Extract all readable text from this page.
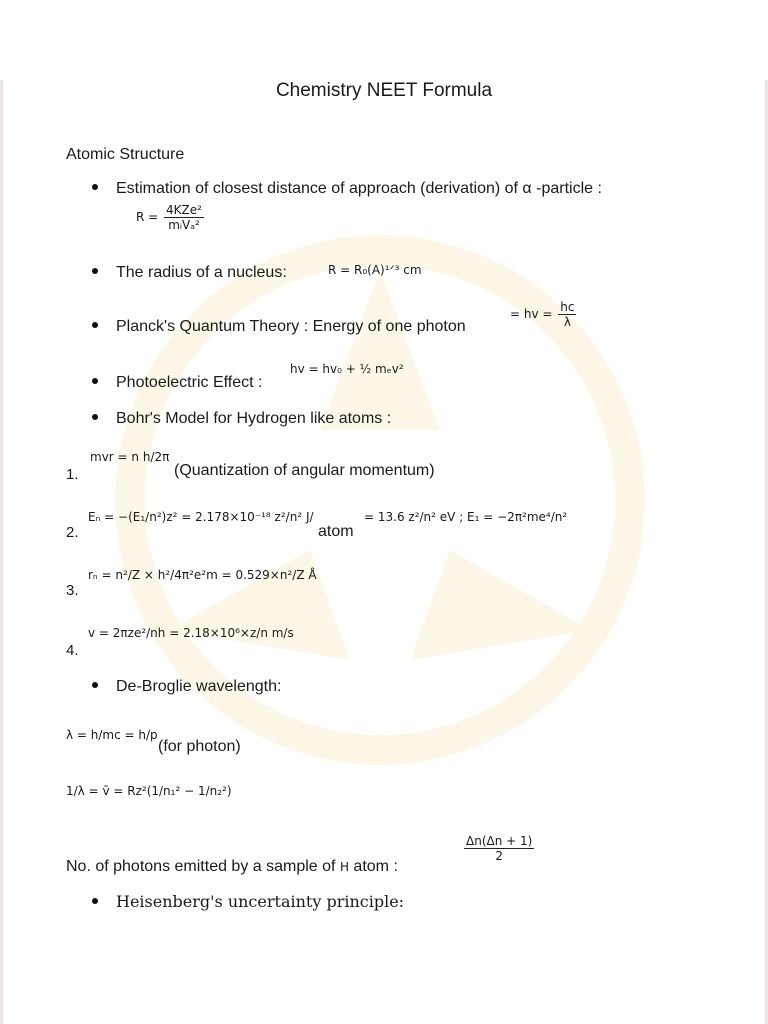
Chemistry NEET Formula
Atomic Structure
Estimation of closest distance of approach (derivation) of α -particle :
$R = \frac{\text{4KZe²}}{\text{mᵢVₐ²}}$
The radius of a nucleus:	R = R₀(A)¹ᐟ³ cm
Planck's Quantum Theory : Energy of one photon
= hv = $\frac{hc}{\lambda}$
hv = hv₀ + ½ mₑv²
Photoelectric Effect :
Bohr's Model for Hydrogen like atoms :
1.
mvr = n h/2π
(Quantization of angular momentum)
2.
Eₙ = −(E₁/n²)z² = 2.178×10⁻¹⁸ z²/n² J/
atom
= 13.6 z²/n² eV ; E₁ = −2π²me⁴/n²
3.
rₙ = n²/Z × h²/4π²e²m = 0.529×n²/Z Å
4.
v = 2πze²/nh = 2.18×10⁶×z/n m/s
De-Broglie wavelength:
λ = h/mc = h/p
(for photon)
1/λ = v̄ = Rz²(1/n₁² − 1/n₂²)
No. of photons emitted by a sample of H atom :
$\frac{\Delta n(\Delta n + 1)}{2}$
Heisenberg's uncertainty principle:
